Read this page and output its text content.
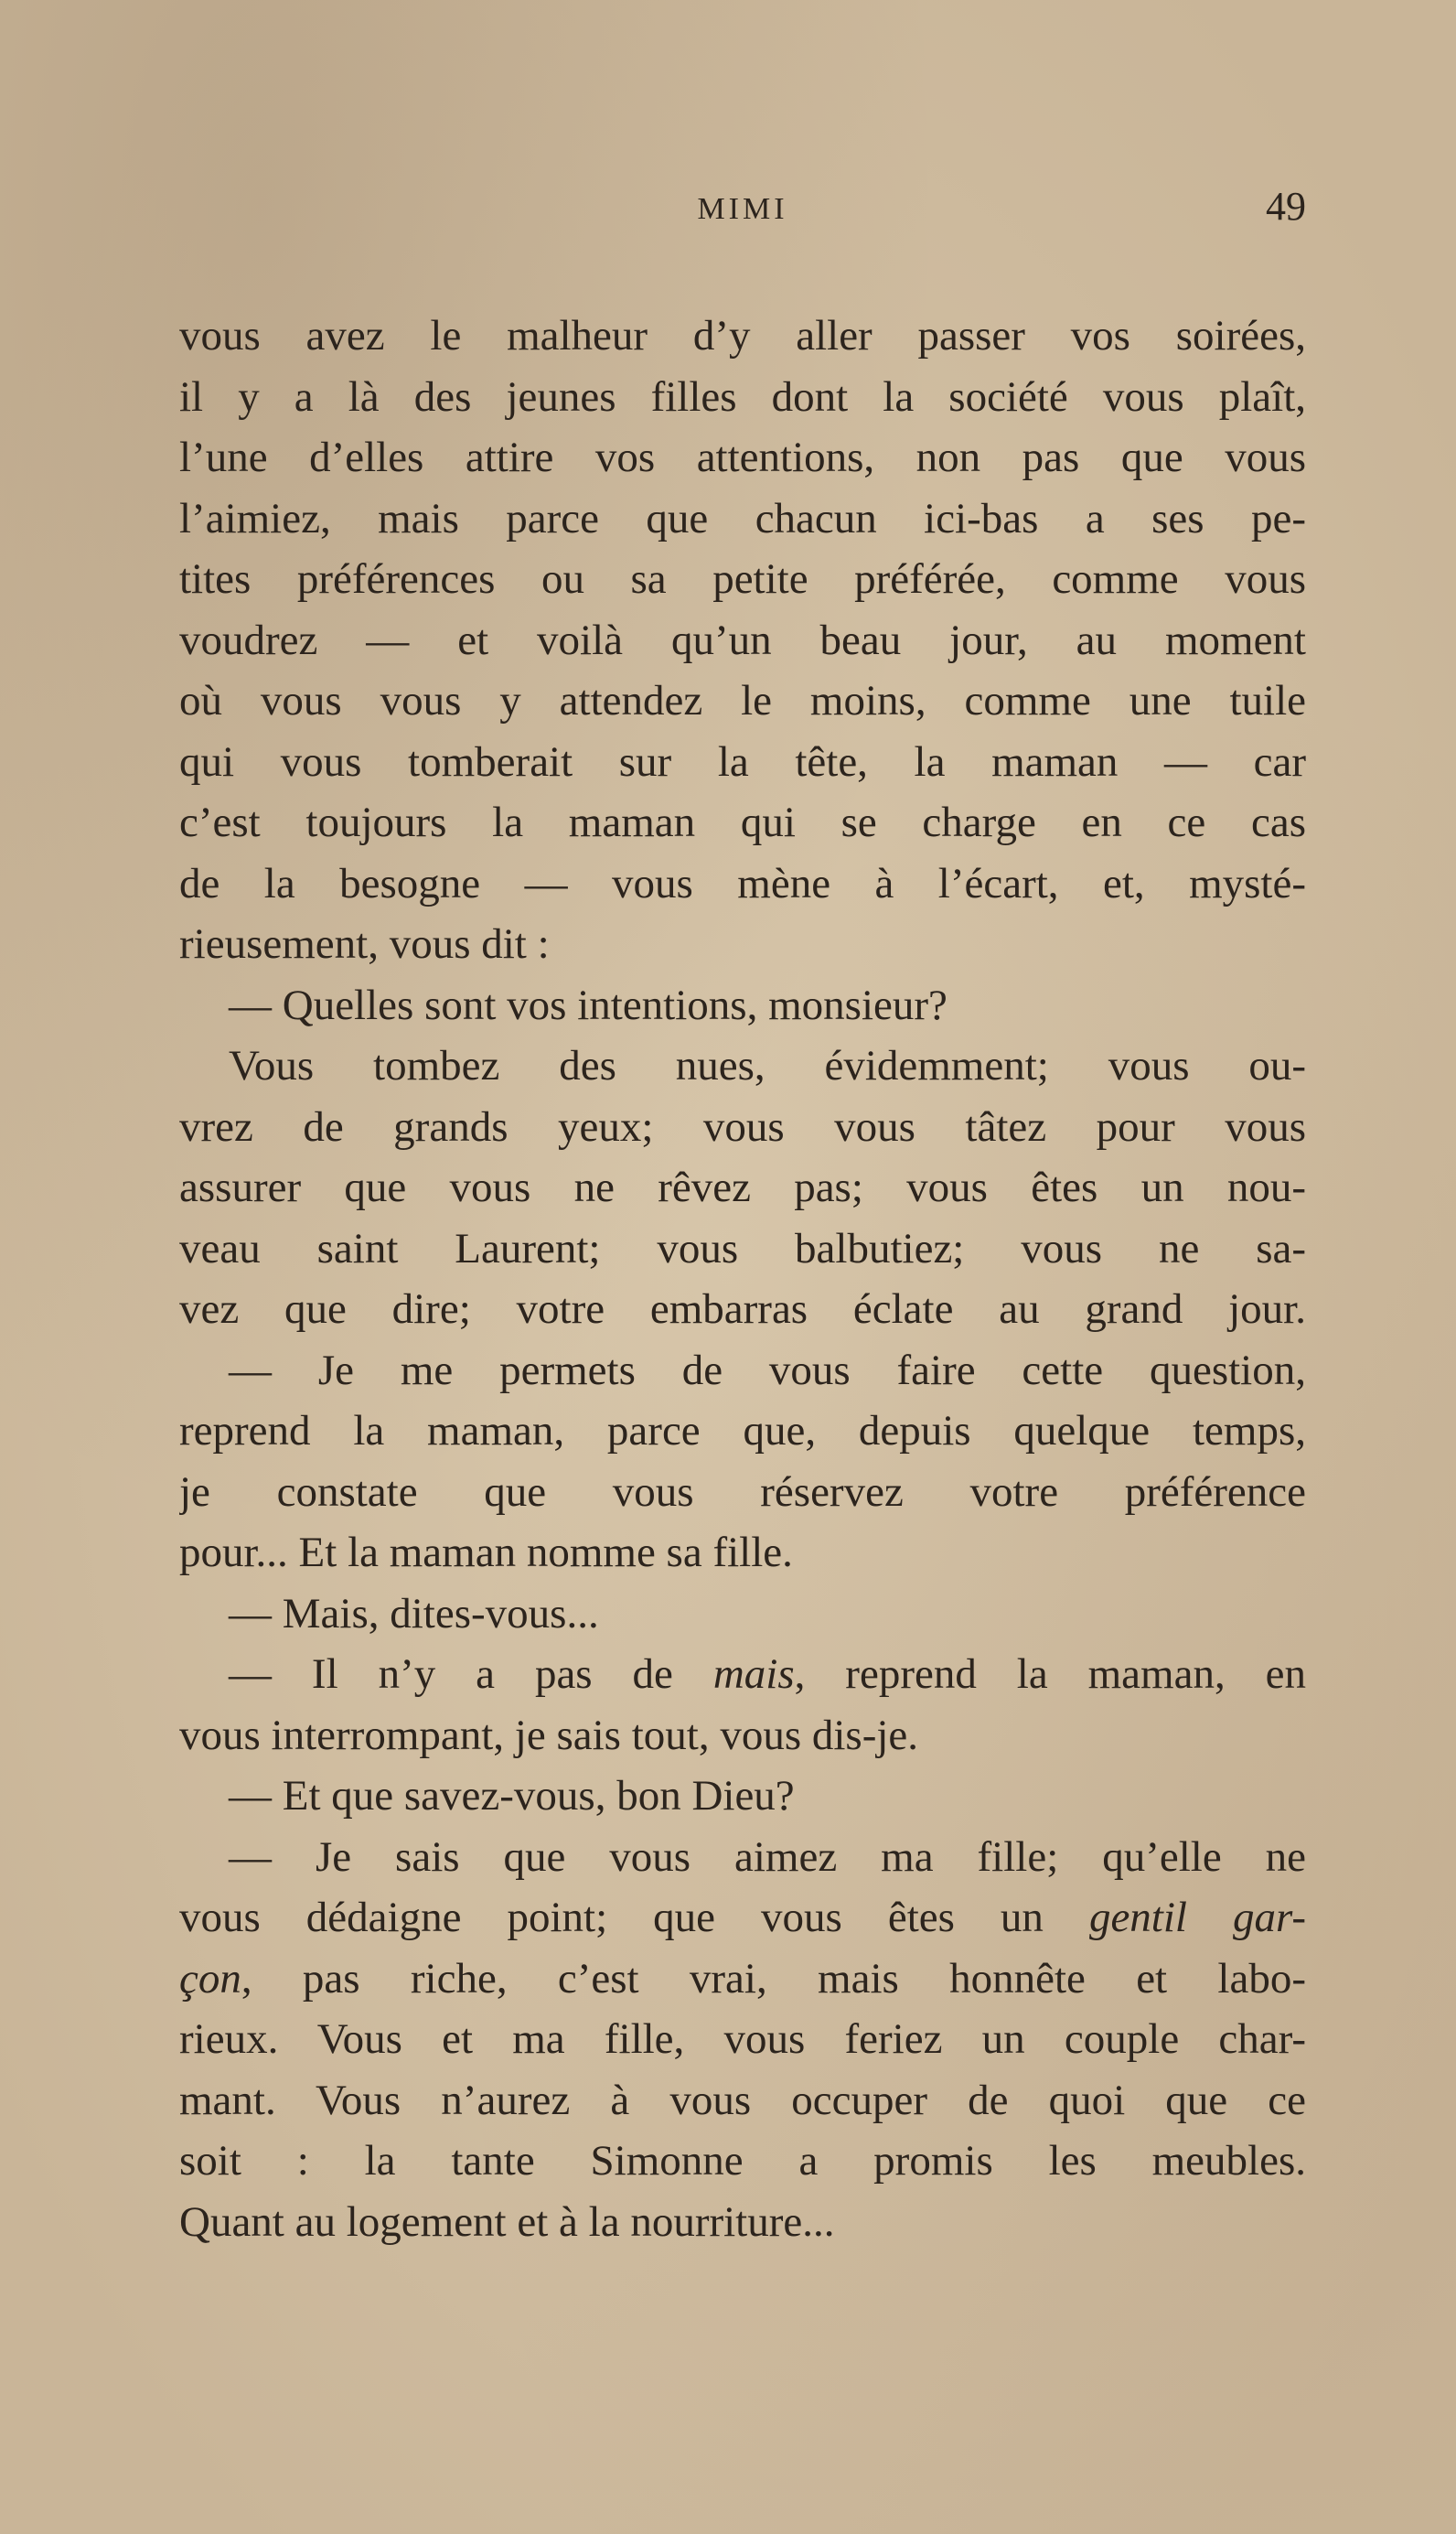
MIMI	49
vous avez le malheur d’y aller passer vos soirées,
il y a là des jeunes filles dont la société vous plaît,
l’une d’elles attire vos attentions, non pas que vous
l’aimiez, mais parce que chacun ici-bas a ses pe-
tites préférences ou sa petite préférée, comme vous
voudrez — et voilà qu’un beau jour, au moment
où vous vous y attendez le moins, comme une tuile
qui vous tomberait sur la tête, la maman — car
c’est toujours la maman qui se charge en ce cas
de la besogne — vous mène à l’écart, et, mysté-
rieusement, vous dit :
— Quelles sont vos intentions, monsieur?
Vous tombez des nues, évidemment; vous ou-
vrez de grands yeux; vous vous tâtez pour vous
assurer que vous ne rêvez pas; vous êtes un nou-
veau saint Laurent; vous balbutiez; vous ne sa-
vez que dire; votre embarras éclate au grand jour.
— Je me permets de vous faire cette question,
reprend la maman, parce que, depuis quelque temps,
je constate que vous réservez votre préférence
pour... Et la maman nomme sa fille.
— Mais, dites-vous...
— Il n’y a pas de mais, reprend la maman, en
vous interrompant, je sais tout, vous dis-je.
— Et que savez-vous, bon Dieu?
— Je sais que vous aimez ma fille; qu’elle ne
vous dédaigne point; que vous êtes un gentil gar-
çon, pas riche, c’est vrai, mais honnête et labo-
rieux. Vous et ma fille, vous feriez un couple char-
mant. Vous n’aurez à vous occuper de quoi que ce
soit : la tante Simonne a promis les meubles.
Quant au logement et à la nourriture...
